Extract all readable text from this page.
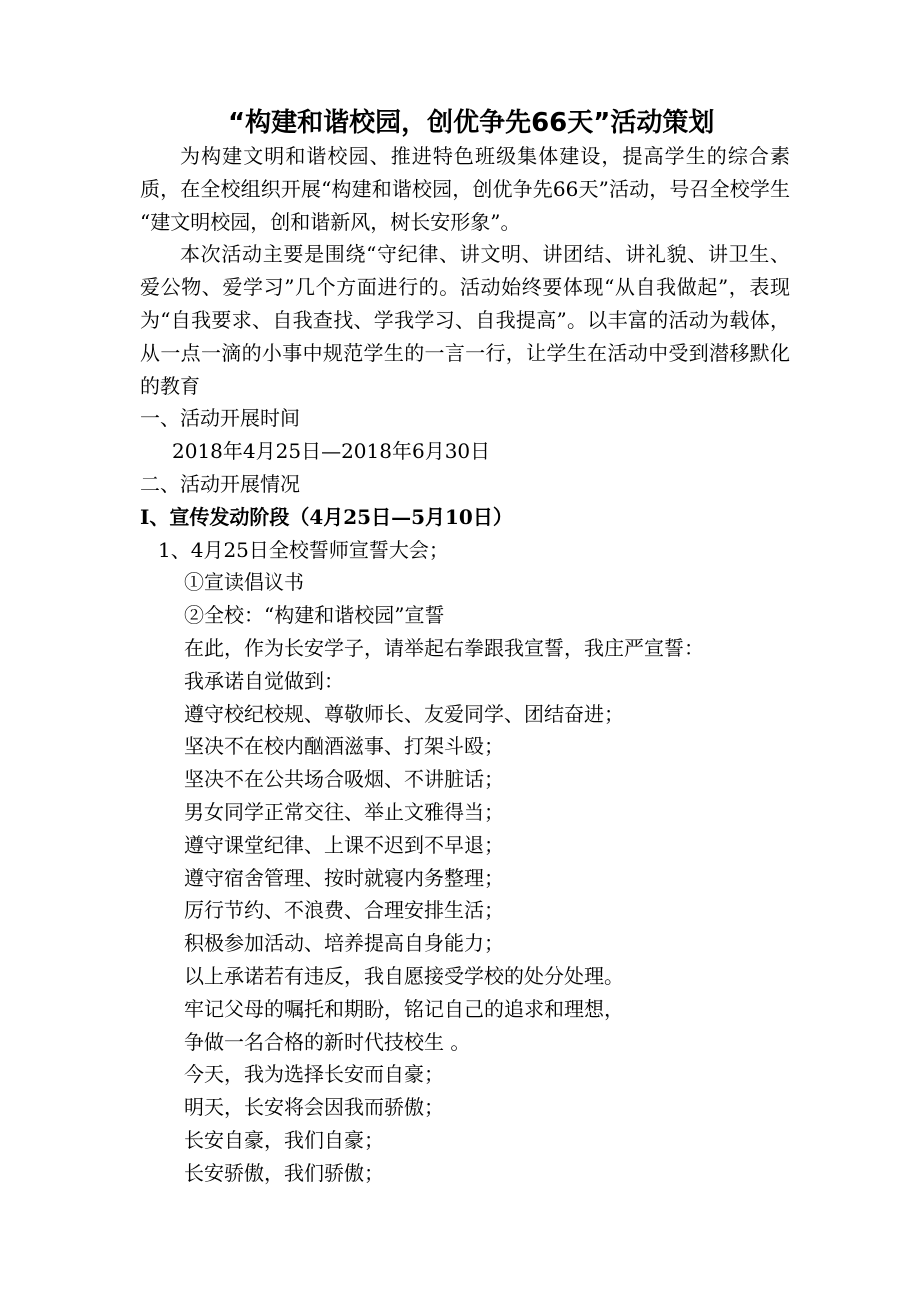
“构建和谐校园，创优争先66天”活动策划

为构建文明和谐校园、推进特色班级集体建设，提高学生的综合素质，在全校组织开展“构建和谐校园，创优争先66天”活动，号召全校学生 “建文明校园，创和谐新风，树长安形象”。

本次活动主要是围绕“守纪律、讲文明、讲团结、讲礼貌、讲卫生、爱公物、爱学习”几个方面进行的。活动始终要体现“从自我做起”，表现为“自我要求、自我查找、学我学习、自我提高”。以丰富的活动为载体，从一点一滴的小事中规范学生的一言一行，让学生在活动中受到潜移默化的教育

一、活动开展时间

2018年4月25日—2018年6月30日

二、活动开展情况

I、宣传发动阶段（4月25日—5月10日）

1、4月25日全校誓师宣誓大会；

①宣读倡议书

②全校：“构建和谐校园”宣誓

在此，作为长安学子，请举起右拳跟我宣誓，我庄严宣誓：

我承诺自觉做到：

遵守校纪校规、尊敬师长、友爱同学、团结奋进；

坚决不在校内酗酒滋事、打架斗殴；

坚决不在公共场合吸烟、不讲脏话；

男女同学正常交往、举止文雅得当；

遵守课堂纪律、上课不迟到不早退；

遵守宿舍管理、按时就寝内务整理；

厉行节约、不浪费、合理安排生活；

积极参加活动、培养提高自身能力；

以上承诺若有违反，我自愿接受学校的处分处理。

牢记父母的嘱托和期盼，铭记自己的追求和理想，

争做一名合格的新时代技校生 。

今天，我为选择长安而自豪；

明天，长安将会因我而骄傲；

长安自豪，我们自豪；

长安骄傲，我们骄傲；
